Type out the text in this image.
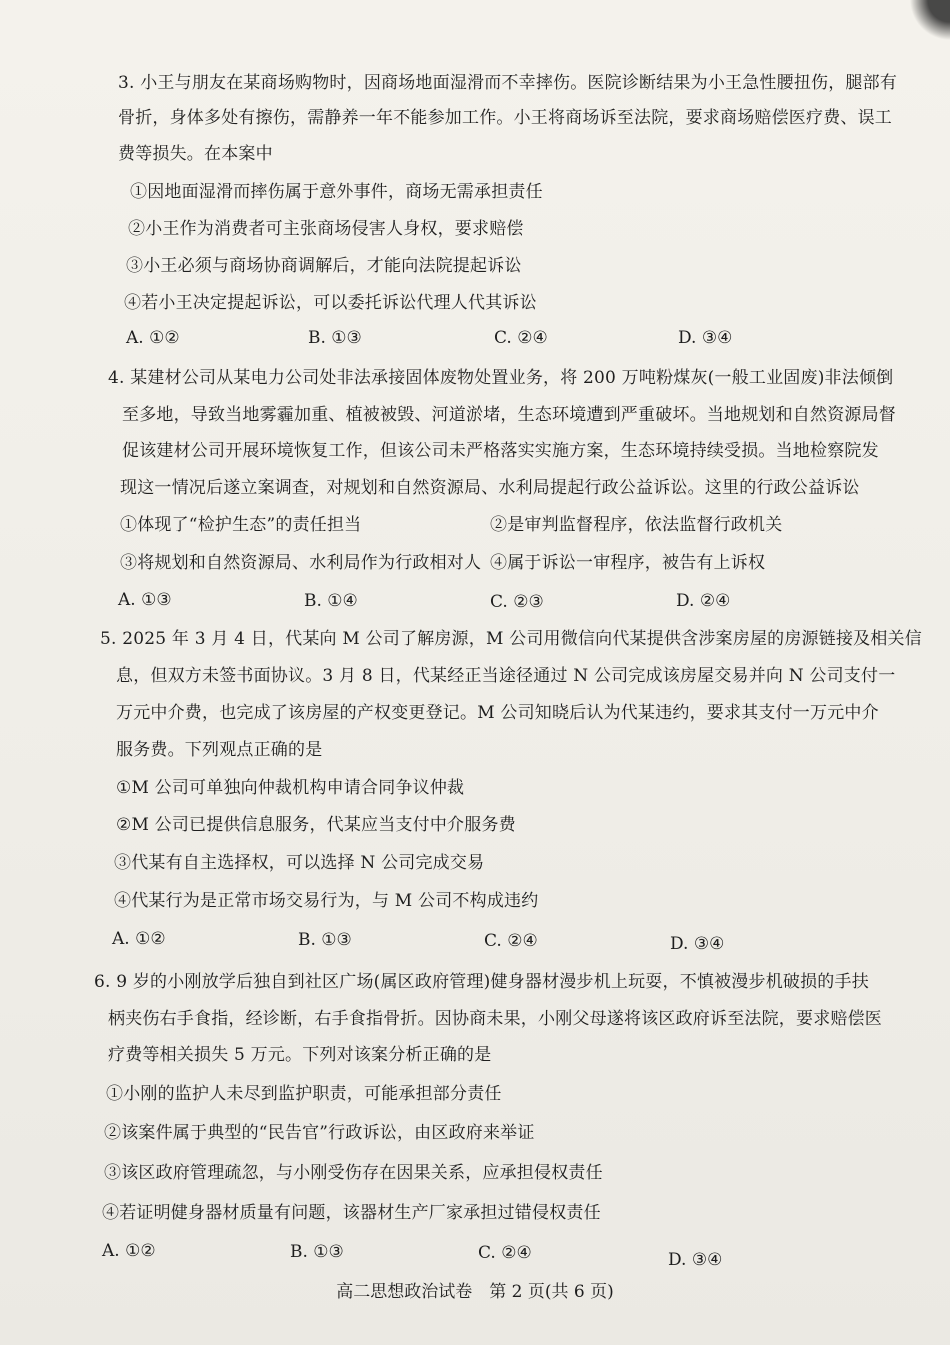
3. 小王与朋友在某商场购物时，因商场地面湿滑而不幸摔伤。医院诊断结果为小王急性腰扭伤，腿部有
骨折，身体多处有擦伤，需静养一年不能参加工作。小王将商场诉至法院，要求商场赔偿医疗费、误工
费等损失。在本案中
①因地面湿滑而摔伤属于意外事件，商场无需承担责任
②小王作为消费者可主张商场侵害人身权，要求赔偿
③小王必须与商场协商调解后，才能向法院提起诉讼
④若小王决定提起诉讼，可以委托诉讼代理人代其诉讼
A. ①②	B. ①③	C. ②④	D. ③④
4. 某建材公司从某电力公司处非法承接固体废物处置业务，将 200 万吨粉煤灰(一般工业固废)非法倾倒
至多地，导致当地雾霾加重、植被被毁、河道淤堵，生态环境遭到严重破坏。当地规划和自然资源局督
促该建材公司开展环境恢复工作，但该公司未严格落实实施方案，生态环境持续受损。当地检察院发
现这一情况后遂立案调查，对规划和自然资源局、水利局提起行政公益诉讼。这里的行政公益诉讼
①体现了“检护生态”的责任担当	②是审判监督程序，依法监督行政机关
③将规划和自然资源局、水利局作为行政相对人 ④属于诉讼一审程序，被告有上诉权
A. ①③	B. ①④	C. ②③	D. ②④
5. 2025 年 3 月 4 日，代某向 M 公司了解房源，M 公司用微信向代某提供含涉案房屋的房源链接及相关信
息，但双方未签书面协议。3 月 8 日，代某经正当途径通过 N 公司完成该房屋交易并向 N 公司支付一
万元中介费，也完成了该房屋的产权变更登记。M 公司知晓后认为代某违约，要求其支付一万元中介
服务费。下列观点正确的是
①M 公司可单独向仲裁机构申请合同争议仲裁
②M 公司已提供信息服务，代某应当支付中介服务费
③代某有自主选择权，可以选择 N 公司完成交易
④代某行为是正常市场交易行为，与 M 公司不构成违约
A. ①②	B. ①③	C. ②④	D. ③④
6. 9 岁的小刚放学后独自到社区广场(属区政府管理)健身器材漫步机上玩耍，不慎被漫步机破损的手扶
柄夹伤右手食指，经诊断，右手食指骨折。因协商未果，小刚父母遂将该区政府诉至法院，要求赔偿医
疗费等相关损失 5 万元。下列对该案分析正确的是
①小刚的监护人未尽到监护职责，可能承担部分责任
②该案件属于典型的“民告官”行政诉讼，由区政府来举证
③该区政府管理疏忽，与小刚受伤存在因果关系，应承担侵权责任
④若证明健身器材质量有问题，该器材生产厂家承担过错侵权责任
A. ①②	B. ①③	C. ②④	D. ③④
高二思想政治试卷　第 2 页(共 6 页)
